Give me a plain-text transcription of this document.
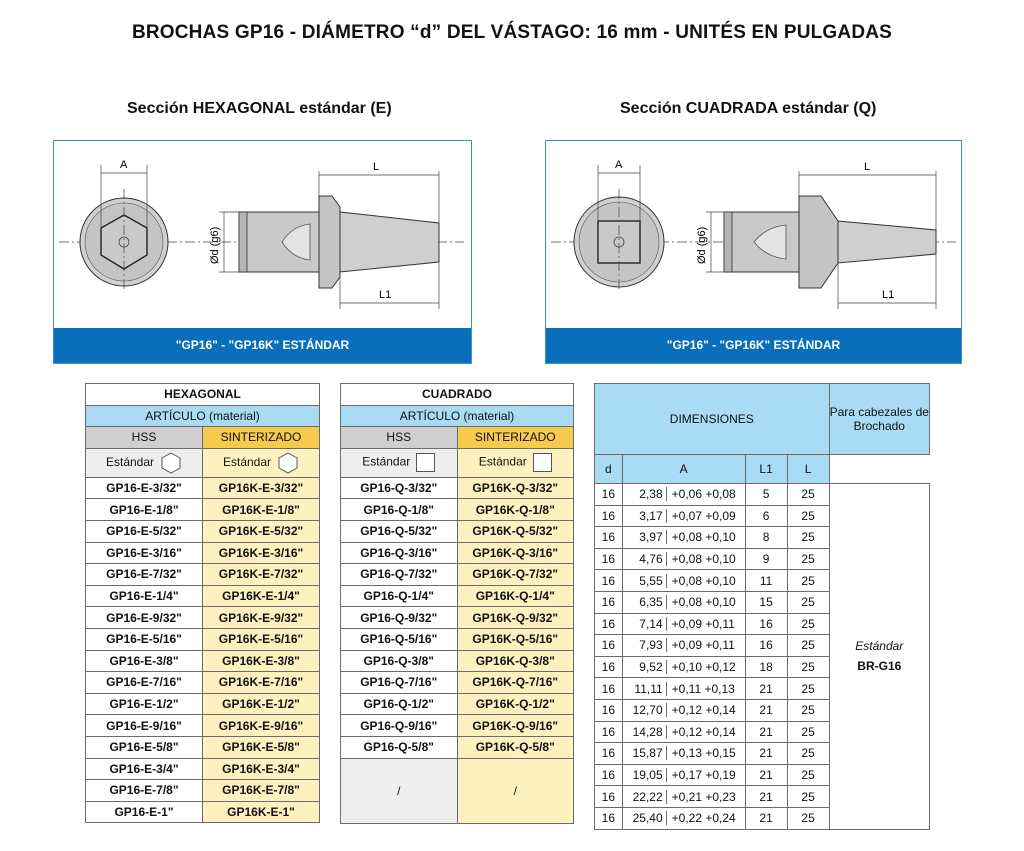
BROCHAS GP16 - DIÁMETRO “d” DEL VÁSTAGO: 16 mm - UNITÉS EN PULGADAS
Sección HEXAGONAL estándar (E)	Sección CUADRADA estándar (Q)
A	L
L1
Ød (g6)
"GP16" - "GP16K" ESTÁNDAR
A	L
L1
Ød (g6)
"GP16" - "GP16K" ESTÁNDAR
HEXAGONAL	
ARTÍCULO (material)	
HSS	SINTERIZADO
Estándar	Estándar
GP16-E-3/32"	GP16K-E-3/32"
GP16-E-1/8"	GP16K-E-1/8"
GP16-E-5/32"	GP16K-E-5/32"
GP16-E-3/16"	GP16K-E-3/16"
GP16-E-7/32"	GP16K-E-7/32"
GP16-E-1/4"	GP16K-E-1/4"
GP16-E-9/32"	GP16K-E-9/32"
GP16-E-5/16"	GP16K-E-5/16"
GP16-E-3/8"	GP16K-E-3/8"
GP16-E-7/16"	GP16K-E-7/16"
GP16-E-1/2"	GP16K-E-1/2"
GP16-E-9/16"	GP16K-E-9/16"
GP16-E-5/8"	GP16K-E-5/8"
GP16-E-3/4"	GP16K-E-3/4"
GP16-E-7/8"	GP16K-E-7/8"
GP16-E-1"	GP16K-E-1"
CUADRADO	
ARTÍCULO (material)	
HSS	SINTERIZADO
Estándar	Estándar
GP16-Q-3/32"	GP16K-Q-3/32"
GP16-Q-1/8"	GP16K-Q-1/8"
GP16-Q-5/32"	GP16K-Q-5/32"
GP16-Q-3/16"	GP16K-Q-3/16"
GP16-Q-7/32"	GP16K-Q-7/32"
GP16-Q-1/4"	GP16K-Q-1/4"
GP16-Q-9/32"	GP16K-Q-9/32"
GP16-Q-5/16"	GP16K-Q-5/16"
GP16-Q-3/8"	GP16K-Q-3/8"
GP16-Q-7/16"	GP16K-Q-7/16"
GP16-Q-1/2"	GP16K-Q-1/2"
GP16-Q-9/16"	GP16K-Q-9/16"
GP16-Q-5/8"	GP16K-Q-5/8"
/	/

DIMENSIONES				Para cabezales de Brochado

d	A	L1	L	
16	2,38 +0,06 +0,08	5	25	Estándar
BR-G16

16	3,17 +0,07 +0,09	6	25	
16	3,97 +0,08 +0,10	8	25	
16	4,76 +0,08 +0,10	9	25	
16	5,55 +0,08 +0,10	11	25	
16	6,35 +0,08 +0,10	15	25	
16	7,14 +0,09 +0,11	16	25	
16	7,93 +0,09 +0,11	16	25	
16	9,52 +0,10 +0,12	18	25	
16	11,11 +0,11 +0,13	21	25	
16	12,70 +0,12 +0,14	21	25	
16	14,28 +0,12 +0,14	21	25	
16	15,87 +0,13 +0,15	21	25	
16	19,05 +0,17 +0,19	21	25	
16	22,22 +0,21 +0,23	21	25	
16	25,40 +0,22 +0,24	21	25	
